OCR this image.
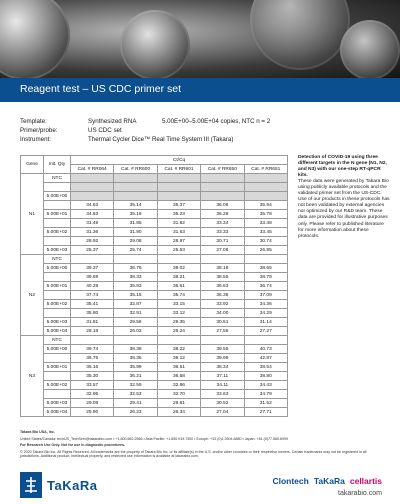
Reagent test – US CDC primer set
Template:	Synthesized RNA	5.00E+00–5.00E+04 copies, NTC n = 2
Primer/probe:	US CDC set
Instrument:	Thermal Cycler Dice™ Real Time System III (Takara)
Gene	Init. Qty	Ct/Cq				
		Cat. # RR064	Cat. # RR600	Cat. # RR601	Cat. # RR650	Cat. # RR651
N1	NTC					

	5.00E+00					
		34.63	35.14	35.37	36.06	35.94
	5.00E+01	34.63	35.18	35.23	36.28	35.78
		31.49	31.85	31.82	33.34	33.48
	5.00E+02	31.36	31.90	31.63	33.33	33.45
		28.92	29.08	28.97	30.71	30.74
	5.00E+03	25.37	25.74	25.53	27.06	26.95
N2	NTC					
	5.00E+00	39.37	36.76	38.02	38.18	38.65
		39.69	38.33	38.21	38.55	38.79
	5.00E+01	40.28	35.93	36.61	36.63	36.74
		37.74	35.15	35.74	36.38	37.09
	5.00E+02	35.41	32.87	33.15	33.92	34.36
		35.80	32.91	33.12	34.00	34.29
	5.00E+03	31.81	29.56	29.35	30.51	31.14
	5.00E+04	28.18	26.03	26.24	27.56	27.27
N3	NTC					
	5.00E+00	39.74	38.38	38.22	39.55	40.73
		36.76	38.36	39.12	39.99	42.87
	5.00E+01	35.16	35.99	36.51	38.34	38.54
		35.30	36.21	36.58	37.11	38.80
	5.00E+02	33.57	32.59	32.86	34.11	34.43
		32.95	32.53	32.70	33.63	34.79
	5.00E+03	29.08	29.41	29.61	30.52	31.52
	5.00E+04	25.90	26.23	26.34	27.04	27.71
Detection of COVID-19 using three different targets in the N gene (N1, N2, and N3) with our one-step RT-qPCR kits.
These data were generated by Takara Bio using publicly available protocols and the validated primer set from the US-CDC. Use of our products in these protocols has not been validated by external agencies nor optimized by our R&D team. These data are provided for illustrative purposes only. Please refer to published literature for more information about these protocols.

Takara Bio USA, Inc.

United States/Canada: techUS_TechServ@takarabio.com • +1.800.662.2566 • Asia Pacific: +1.650.919.7300 • Europe: +33.(0)1.3904.6880 • Japan: +81.(0)77.565.6999

For Research Use Only. Not for use in diagnostic procedures.

© 2020 Takara Bio Inc. All Rights Reserved. All trademarks are the property of Takara Bio Inc. or its affiliate(s) in the U.S. and/or other countries or their respective owners. Certain trademarks may not be registered in all jurisdictions. Additional product, intellectual property, and restricted use information is available at takarabio.com.

TaKaRa	Clontech TaKaRa cellartis
takarabio.com
